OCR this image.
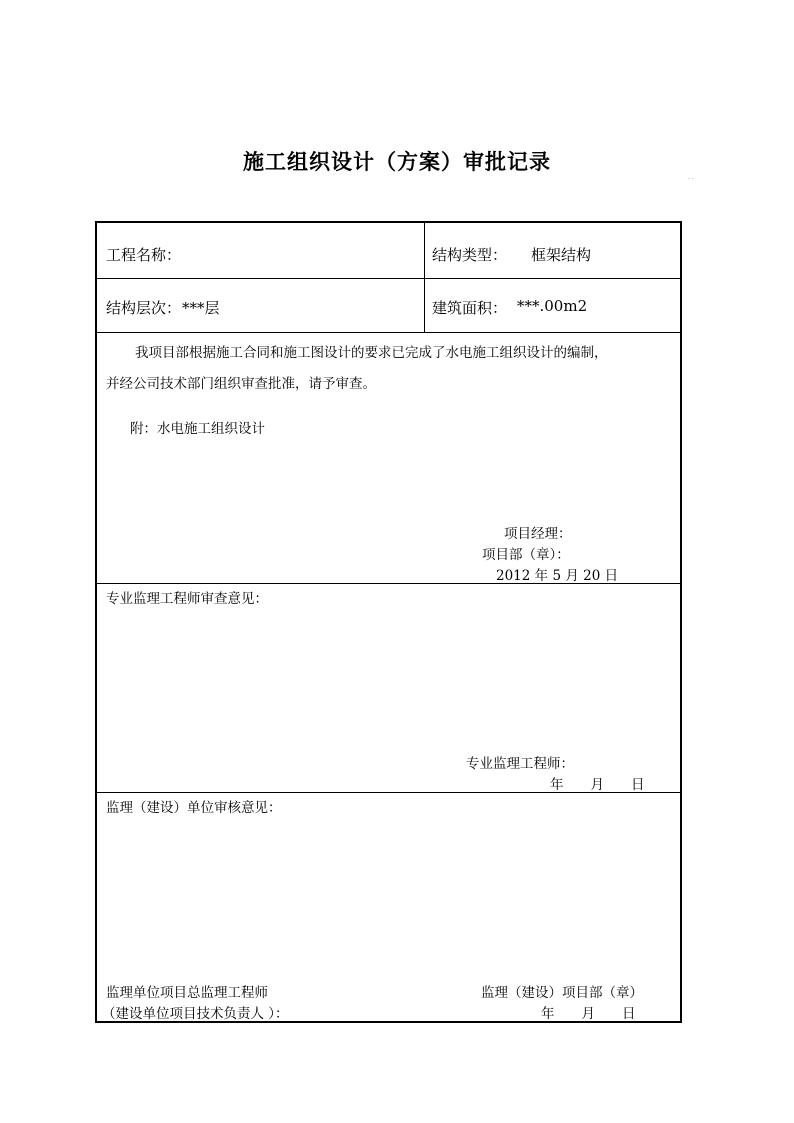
施工组织设计（方案）审批记录
. .
工程名称：	结构类型： 框架结构
结构层次： ***层	建筑面积： ***.00m2
我项目部根据施工合同和施工图设计的要求已完成了水电施工组织设计的编制，
并经公司技术部门组织审查批准，请予审查。
附：水电施工组织设计
项目经理：
项目部（章）：
2012 年 5 月 20 日
专业监理工程师审查意见：
专业监理工程师：
年　　月　　日
监理（建设）单位审核意见：
监理单位项目总监理工程师
（建设单位项目技术负责人 ）：
监理（建设）项目部（章）
年　　月　　日
